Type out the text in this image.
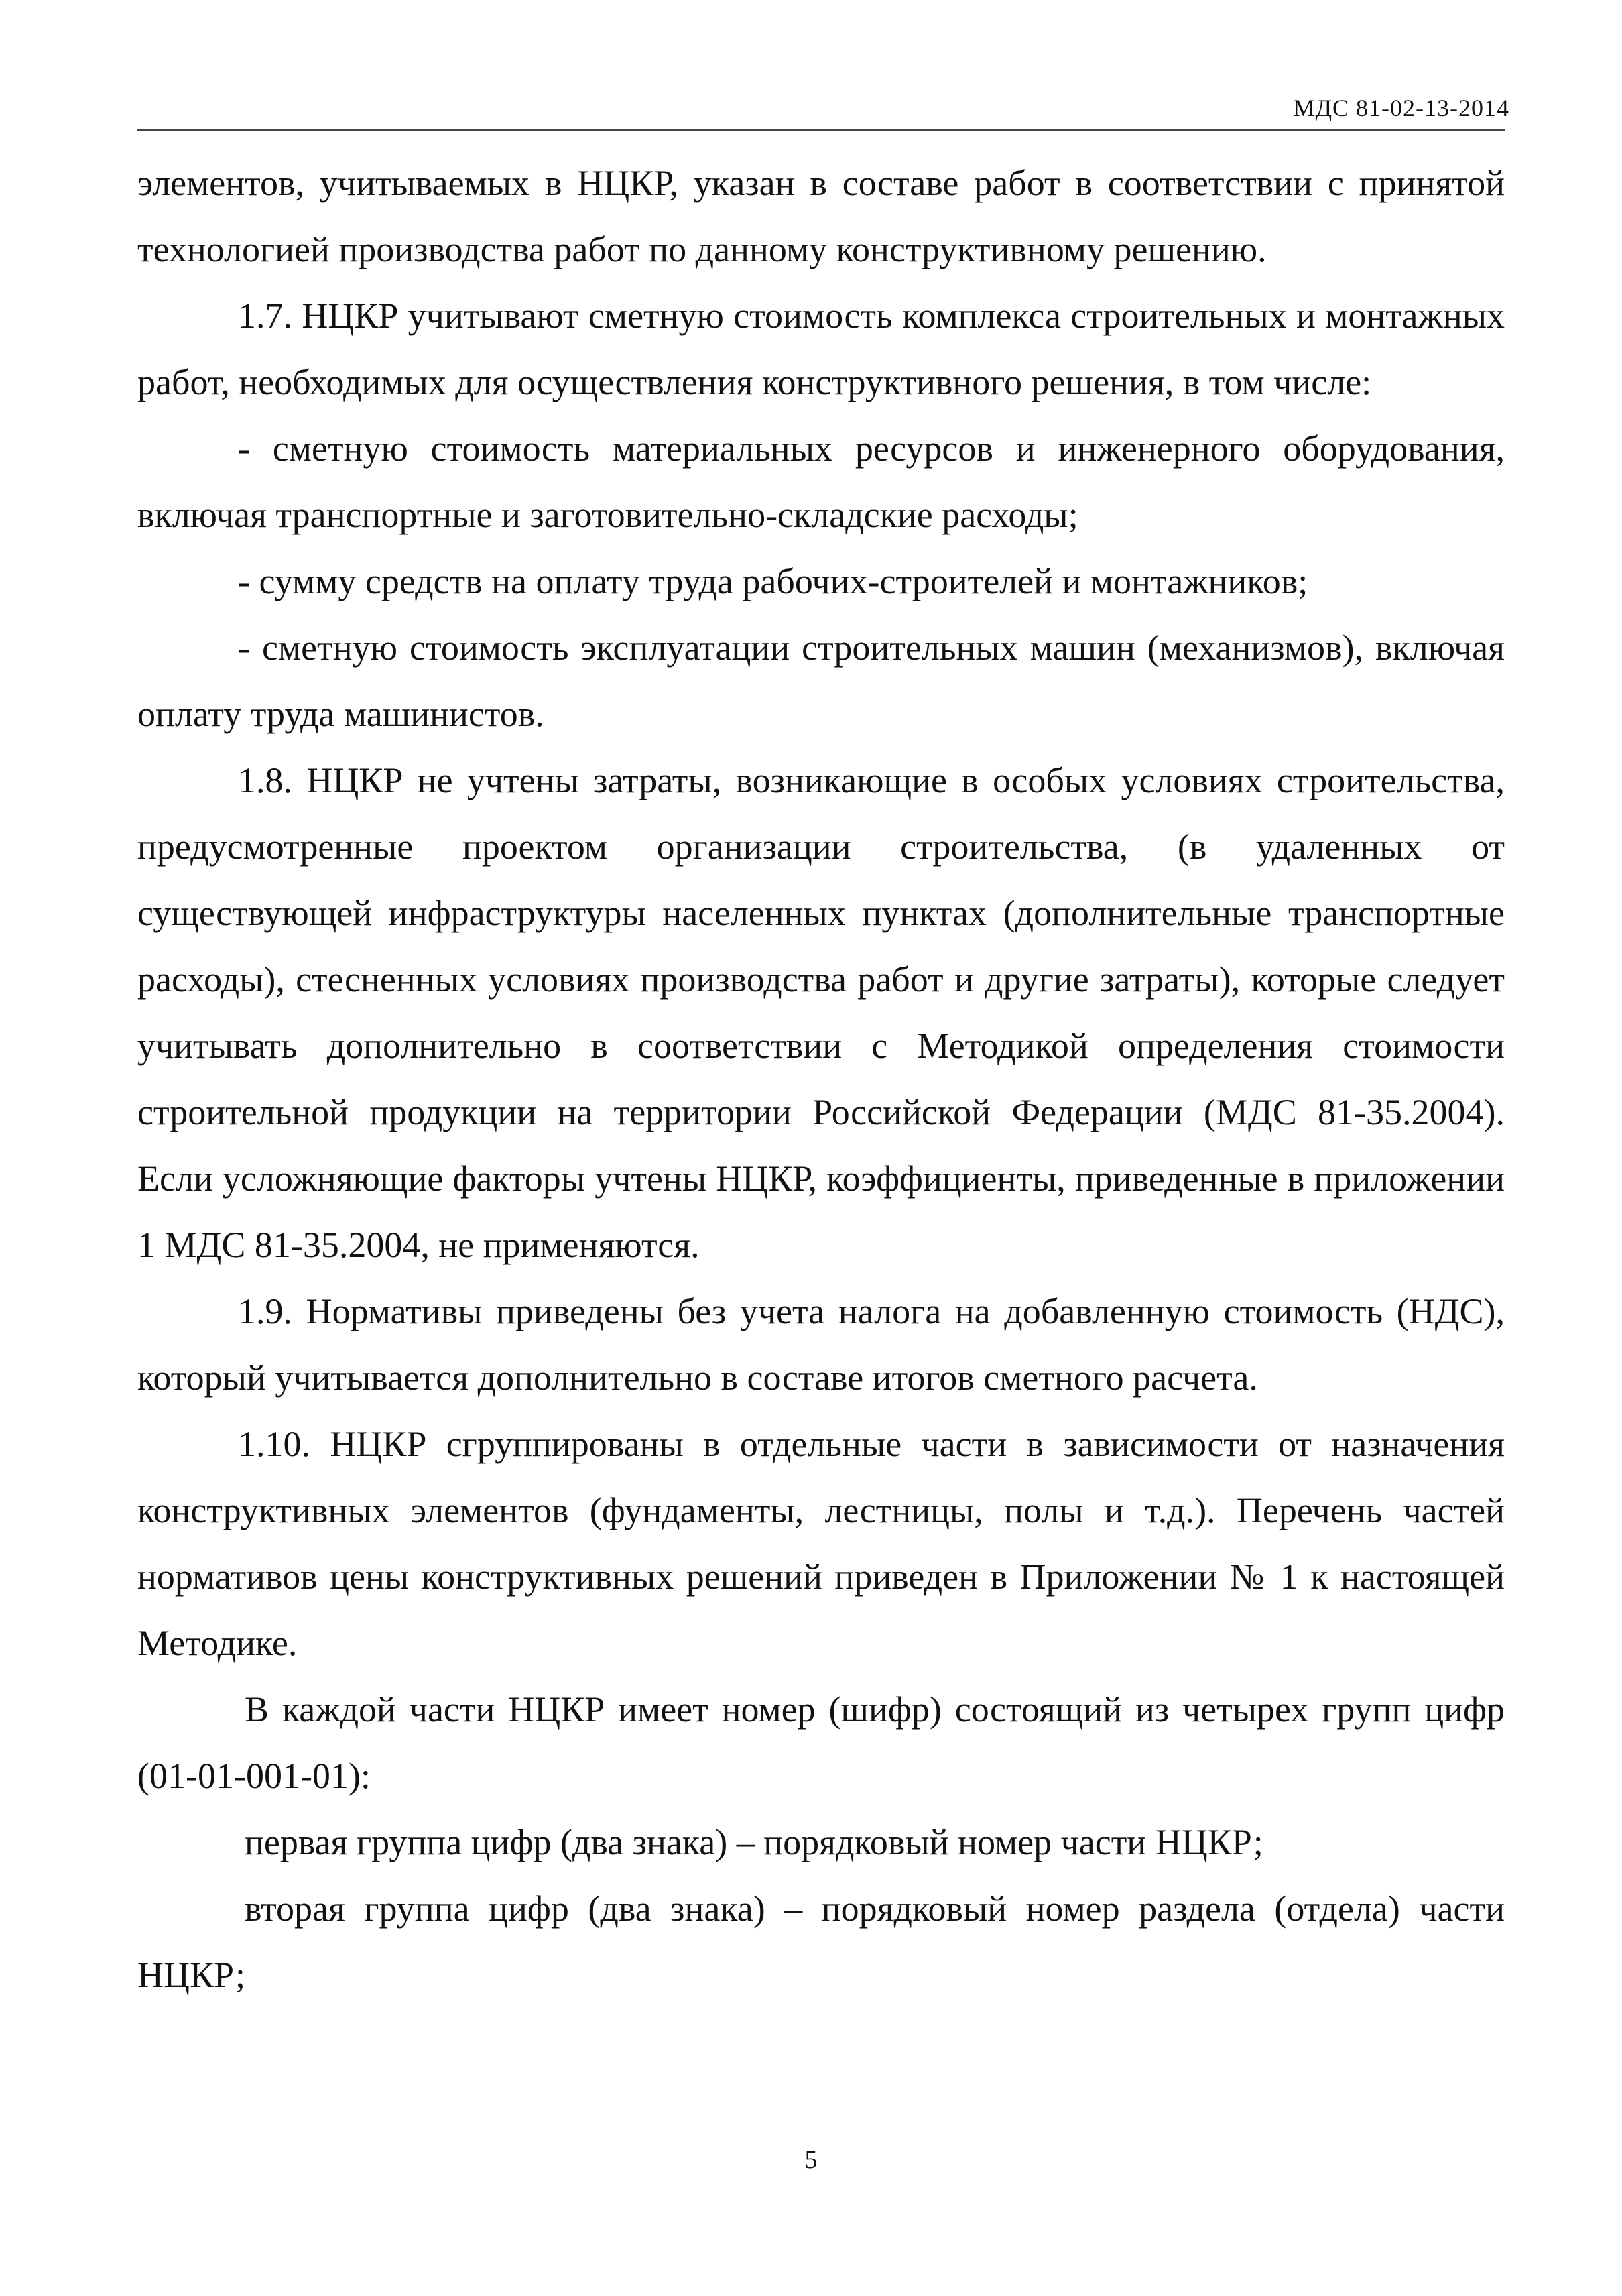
МДС 81-02-13-2014

элементов, учитываемых в НЦКР, указан в составе работ в соответствии с принятой технологией производства работ по данному конструктивному решению.

1.7. НЦКР учитывают сметную стоимость комплекса строительных и монтажных работ, необходимых для осуществления конструктивного решения, в том числе:

- сметную стоимость материальных ресурсов и инженерного оборудования, включая транспортные и заготовительно-складские расходы;

- сумму средств на оплату труда рабочих-строителей и монтажников;

- сметную стоимость эксплуатации строительных машин (механизмов), включая оплату труда машинистов.

1.8. НЦКР не учтены затраты, возникающие в особых условиях строительства, предусмотренные проектом организации строительства, (в удаленных от существующей инфраструктуры населенных пунктах (дополнительные транспортные расходы), стесненных условиях производства работ и другие затраты), которые следует учитывать дополнительно в соответствии с Методикой определения стоимости строительной продукции на территории Российской Федерации (МДС 81-35.2004). Если усложняющие факторы учтены НЦКР, коэффициенты, приведенные в приложении 1 МДС 81-35.2004, не применяются.

1.9. Нормативы приведены без учета налога на добавленную стоимость (НДС), который учитывается дополнительно в составе итогов сметного расчета.

1.10. НЦКР сгруппированы в отдельные части в зависимости от назначения конструктивных элементов (фундаменты, лестницы, полы и т.д.). Перечень частей нормативов цены конструктивных решений приведен в Приложении № 1 к настоящей Методике.

В каждой части НЦКР имеет номер (шифр) состоящий из четырех групп цифр (01-01-001-01):

первая группа цифр (два знака) – порядковый номер части НЦКР;

вторая группа цифр (два знака) – порядковый номер раздела (отдела) части НЦКР;

5
